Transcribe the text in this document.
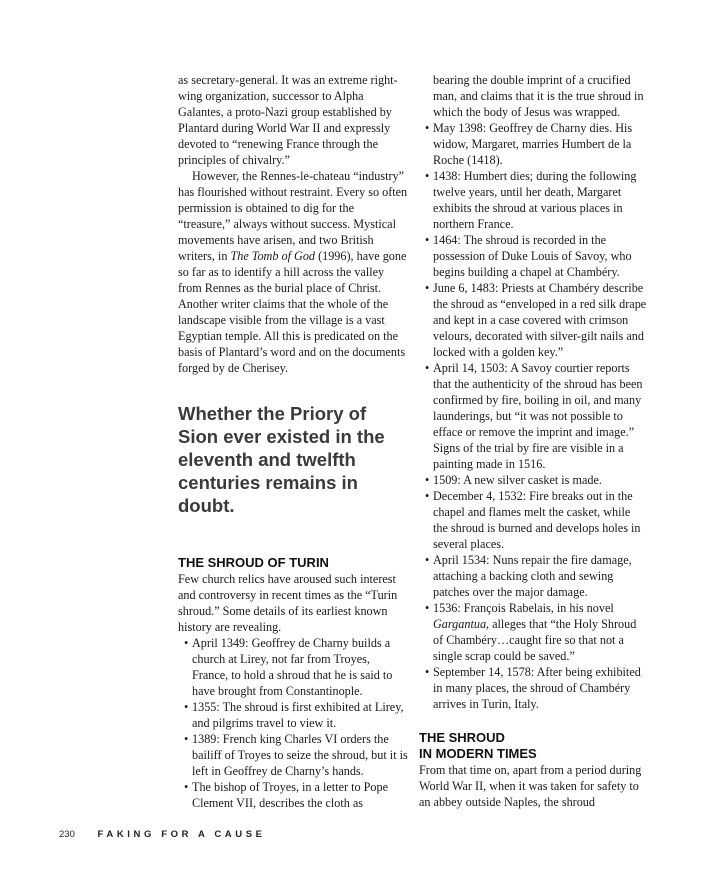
as secretary-general. It was an extreme right-wing organization, successor to Alpha Galantes, a proto-Nazi group established by Plantard during World War II and expressly devoted to “renewing France through the principles of chivalry.”

However, the Rennes-le-chateau “industry” has flourished without restraint. Every so often permission is obtained to dig for the “treasure,” always without success. Mystical movements have arisen, and two British writers, in The Tomb of God (1996), have gone so far as to identify a hill across the valley from Rennes as the burial place of Christ. Another writer claims that the whole of the landscape visible from the village is a vast Egyptian temple. All this is predicated on the basis of Plantard’s word and on the documents forged by de Cherisey.

Whether the Priory of Sion ever existed in the eleventh and twelfth centuries remains in doubt.
THE SHROUD OF TURIN

Few church relics have aroused such interest and controversy in recent times as the “Turin shroud.” Some details of its earliest known history are revealing.

• April 1349: Geoffrey de Charny builds a church at Lirey, not far from Troyes, France, to hold a shroud that he is said to have brought from Constantinople.
• 1355: The shroud is first exhibited at Lirey, and pilgrims travel to view it.
• 1389: French king Charles VI orders the bailiff of Troyes to seize the shroud, but it is left in Geoffrey de Charny’s hands.
• The bishop of Troyes, in a letter to Pope Clement VII, describes the cloth as
bearing the double imprint of a crucified man, and claims that it is the true shroud in which the body of Jesus was wrapped.
• May 1398: Geoffrey de Charny dies. His widow, Margaret, marries Humbert de la Roche (1418).
• 1438: Humbert dies; during the following twelve years, until her death, Margaret exhibits the shroud at various places in northern France.
• 1464: The shroud is recorded in the possession of Duke Louis of Savoy, who begins building a chapel at Chambéry.
• June 6, 1483: Priests at Chambéry describe the shroud as “enveloped in a red silk drape and kept in a case covered with crimson velours, decorated with silver-gilt nails and locked with a golden key.”
• April 14, 1503: A Savoy courtier reports that the authenticity of the shroud has been confirmed by fire, boiling in oil, and many launderings, but “it was not possible to efface or remove the imprint and image.” Signs of the trial by fire are visible in a painting made in 1516.
• 1509: A new silver casket is made.
• December 4, 1532: Fire breaks out in the chapel and flames melt the casket, while the shroud is burned and develops holes in several places.
• April 1534: Nuns repair the fire damage, attaching a backing cloth and sewing patches over the major damage.
• 1536: François Rabelais, in his novel Gargantua, alleges that “the Holy Shroud of Chambéry…caught fire so that not a single scrap could be saved.”
• September 14, 1578: After being exhibited in many places, the shroud of Chambéry arrives in Turin, Italy.
THE SHROUD
IN MODERN TIMES

From that time on, apart from a period during World War II, when it was taken for safety to an abbey outside Naples, the shroud

230 FAKING FOR A CAUSE
